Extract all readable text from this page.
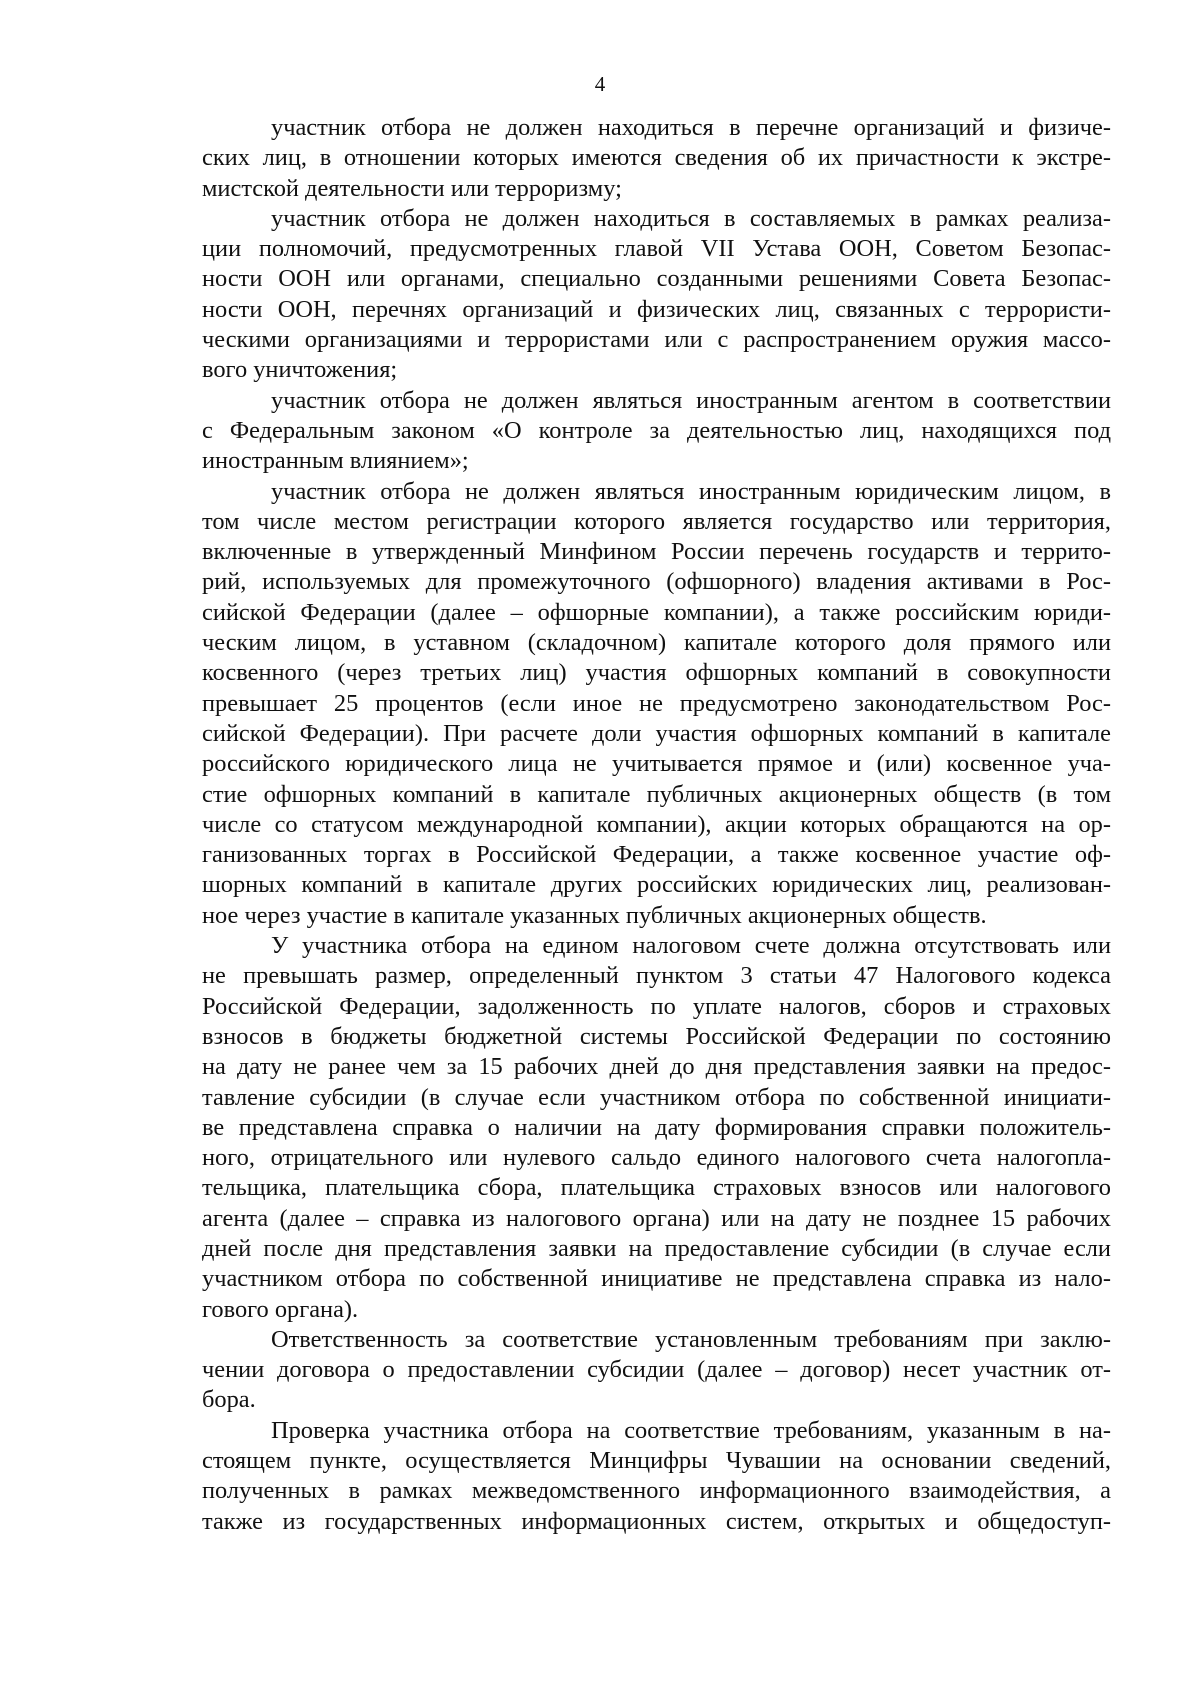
4
участник отбора не должен находиться в перечне организаций и физиче-
ских лиц, в отношении которых имеются сведения об их причастности к экстре-
мистской деятельности или терроризму;
участник отбора не должен находиться в составляемых в рамках реализа-
ции полномочий, предусмотренных главой VII Устава ООН, Советом Безопас-
ности ООН или органами, специально созданными решениями Совета Безопас-
ности ООН, перечнях организаций и физических лиц, связанных с террористи-
ческими организациями и террористами или с распространением оружия массо-
вого уничтожения;
участник отбора не должен являться иностранным агентом в соответствии
с Федеральным законом «О контроле за деятельностью лиц, находящихся под
иностранным влиянием»;
участник отбора не должен являться иностранным юридическим лицом, в
том числе местом регистрации которого является государство или территория,
включенные в утвержденный Минфином России перечень государств и террито-
рий, используемых для промежуточного (офшорного) владения активами в Рос-
сийской Федерации (далее – офшорные компании), а также российским юриди-
ческим лицом, в уставном (складочном) капитале которого доля прямого или
косвенного (через третьих лиц) участия офшорных компаний в совокупности
превышает 25 процентов (если иное не предусмотрено законодательством Рос-
сийской Федерации). При расчете доли участия офшорных компаний в капитале
российского юридического лица не учитывается прямое и (или) косвенное уча-
стие офшорных компаний в капитале публичных акционерных обществ (в том
числе со статусом международной компании), акции которых обращаются на ор-
ганизованных торгах в Российской Федерации, а также косвенное участие оф-
шорных компаний в капитале других российских юридических лиц, реализован-
ное через участие в капитале указанных публичных акционерных обществ.
У участника отбора на едином налоговом счете должна отсутствовать или
не превышать размер, определенный пунктом 3 статьи 47 Налогового кодекса
Российской Федерации, задолженность по уплате налогов, сборов и страховых
взносов в бюджеты бюджетной системы Российской Федерации по состоянию
на дату не ранее чем за 15 рабочих дней до дня представления заявки на предос-
тавление субсидии (в случае если участником отбора по собственной инициати-
ве представлена справка о наличии на дату формирования справки положитель-
ного, отрицательного или нулевого сальдо единого налогового счета налогопла-
тельщика, плательщика сбора, плательщика страховых взносов или налогового
агента (далее – справка из налогового органа) или на дату не позднее 15 рабочих
дней после дня представления заявки на предоставление субсидии (в случае если
участником отбора по собственной инициативе не представлена справка из нало-
гового органа).
Ответственность за соответствие установленным требованиям при заклю-
чении договора о предоставлении субсидии (далее – договор) несет участник от-
бора.
Проверка участника отбора на соответствие требованиям, указанным в на-
стоящем пункте, осуществляется Минцифры Чувашии на основании сведений,
полученных в рамках межведомственного информационного взаимодействия, а
также из государственных информационных систем, открытых и общедоступ-
